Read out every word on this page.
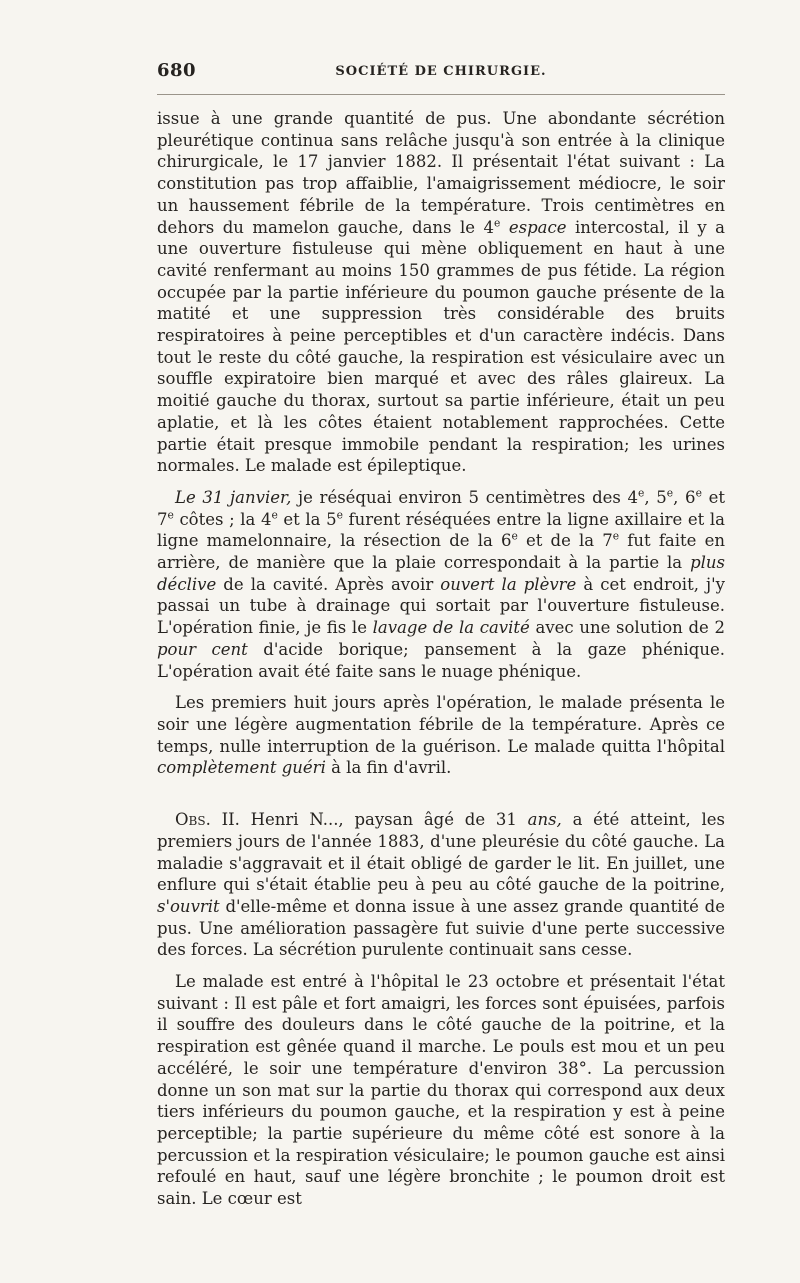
680	SOCIÉTÉ DE CHIRURGIE.

issue à une grande quantité de pus. Une abondante sécrétion pleurétique continua sans relâche jusqu'à son entrée à la clinique chirurgicale, le 17 janvier 1882. Il présentait l'état suivant : La constitution pas trop affaiblie, l'amaigrissement médiocre, le soir un haussement fébrile de la température. Trois centimètres en dehors du mamelon gauche, dans le 4e espace intercostal, il y a une ouverture fistuleuse qui mène obliquement en haut à une cavité renfermant au moins 150 grammes de pus fétide. La région occupée par la partie inférieure du poumon gauche présente de la matité et une suppression très considérable des bruits respiratoires à peine perceptibles et d'un caractère indécis. Dans tout le reste du côté gauche, la respiration est vésiculaire avec un souffle expiratoire bien marqué et avec des râles glaireux. La moitié gauche du thorax, surtout sa partie inférieure, était un peu aplatie, et là les côtes étaient notablement rapprochées. Cette partie était presque immobile pendant la respiration; les urines normales. Le malade est épileptique.

Le 31 janvier, je réséquai environ 5 centimètres des 4e, 5e, 6e et 7e côtes ; la 4e et la 5e furent réséquées entre la ligne axillaire et la ligne mamelonnaire, la résection de la 6e et de la 7e fut faite en arrière, de manière que la plaie correspondait à la partie la plus déclive de la cavité. Après avoir ouvert la plèvre à cet endroit, j'y passai un tube à drainage qui sortait par l'ouverture fistuleuse. L'opération finie, je fis le lavage de la cavité avec une solution de 2 pour cent d'acide borique; pansement à la gaze phénique. L'opération avait été faite sans le nuage phénique.

Les premiers huit jours après l'opération, le malade présenta le soir une légère augmentation fébrile de la température. Après ce temps, nulle interruption de la guérison. Le malade quitta l'hôpital complètement guéri à la fin d'avril.

Obs. II. Henri N..., paysan âgé de 31 ans, a été atteint, les premiers jours de l'année 1883, d'une pleurésie du côté gauche. La maladie s'aggravait et il était obligé de garder le lit. En juillet, une enflure qui s'était établie peu à peu au côté gauche de la poitrine, s'ouvrit d'elle-même et donna issue à une assez grande quantité de pus. Une amélioration passagère fut suivie d'une perte successive des forces. La sécrétion purulente continuait sans cesse.

Le malade est entré à l'hôpital le 23 octobre et présentait l'état suivant : Il est pâle et fort amaigri, les forces sont épuisées, parfois il souffre des douleurs dans le côté gauche de la poitrine, et la respiration est gênée quand il marche. Le pouls est mou et un peu accéléré, le soir une température d'environ 38°. La percussion donne un son mat sur la partie du thorax qui correspond aux deux tiers inférieurs du poumon gauche, et la respiration y est à peine perceptible; la partie supérieure du même côté est sonore à la percussion et la respiration vésiculaire; le poumon gauche est ainsi refoulé en haut, sauf une légère bronchite ; le poumon droit est sain. Le cœur est
